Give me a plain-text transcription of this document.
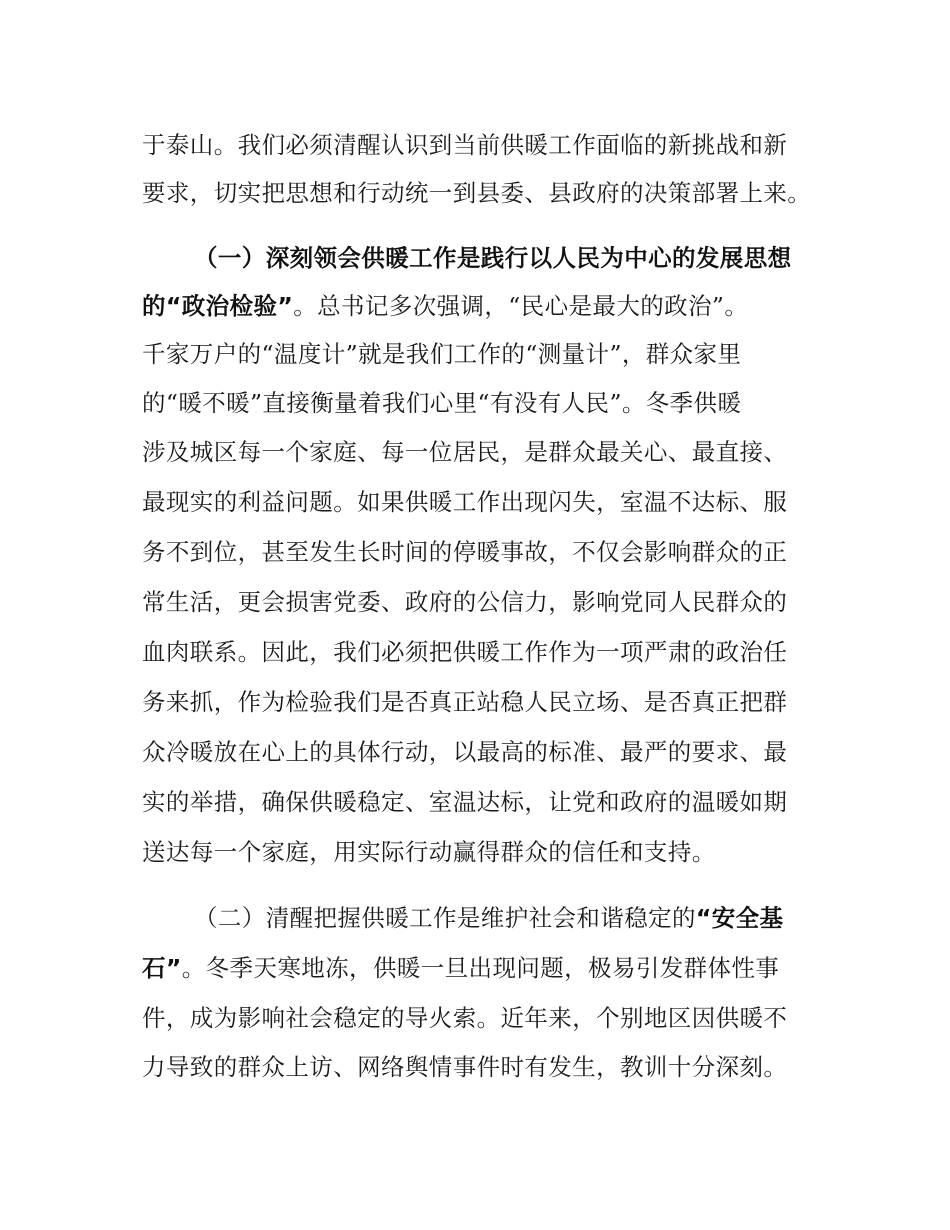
于泰山。我们必须清醒认识到当前供暖工作面临的新挑战和新
要求，切实把思想和行动统一到县委、县政府的决策部署上来。
（一）深刻领会供暖工作是践行以人民为中心的发展思想
的“政治检验”。总书记多次强调，“民心是最大的政治”。
千家万户的“温度计”就是我们工作的“测量计”，群众家里
的“暖不暖”直接衡量着我们心里“有没有人民”。冬季供暖
涉及城区每一个家庭、每一位居民，是群众最关心、最直接、
最现实的利益问题。如果供暖工作出现闪失，室温不达标、服
务不到位，甚至发生长时间的停暖事故，不仅会影响群众的正
常生活，更会损害党委、政府的公信力，影响党同人民群众的
血肉联系。因此，我们必须把供暖工作作为一项严肃的政治任
务来抓，作为检验我们是否真正站稳人民立场、是否真正把群
众冷暖放在心上的具体行动，以最高的标准、最严的要求、最
实的举措，确保供暖稳定、室温达标，让党和政府的温暖如期
送达每一个家庭，用实际行动赢得群众的信任和支持。
（二）清醒把握供暖工作是维护社会和谐稳定的“安全基
石”。冬季天寒地冻，供暖一旦出现问题，极易引发群体性事
件，成为影响社会稳定的导火索。近年来，个别地区因供暖不
力导致的群众上访、网络舆情事件时有发生，教训十分深刻。
